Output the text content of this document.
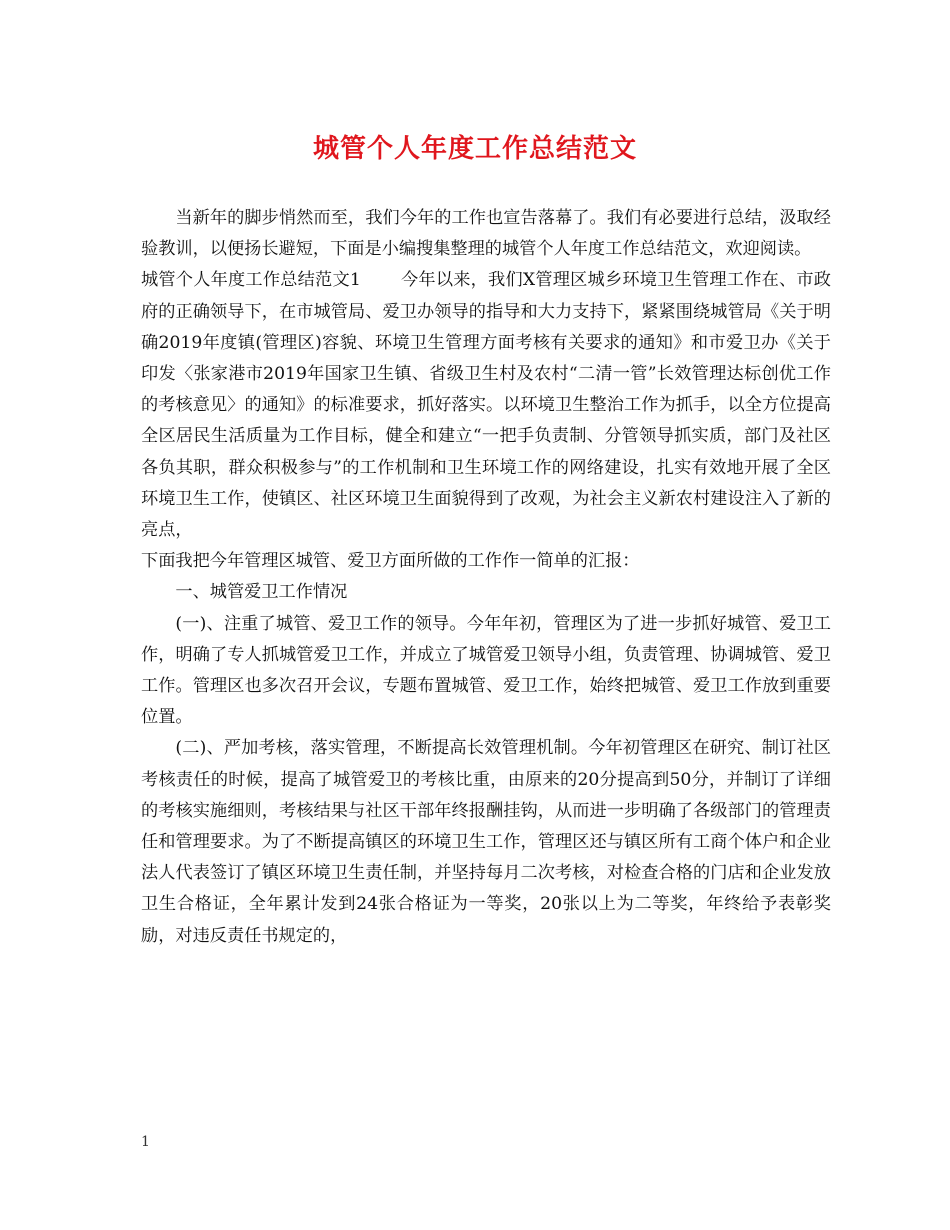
城管个人年度工作总结范文

当新年的脚步悄然而至，我们今年的工作也宣告落幕了。我们有必要进行总结，汲取经验教训，以便扬长避短，下面是小编搜集整理的城管个人年度工作总结范文，欢迎阅读。

城管个人年度工作总结范文1 今年以来，我们X管理区城乡环境卫生管理工作在、市政府的正确领导下，在市城管局、爱卫办领导的指导和大力支持下，紧紧围绕城管局《关于明确2019年度镇(管理区)容貌、环境卫生管理方面考核有关要求的通知》和市爱卫办《关于印发〈张家港市2019年国家卫生镇、省级卫生村及农村“二清一管”长效管理达标创优工作的考核意见〉的通知》的标准要求，抓好落实。以环境卫生整治工作为抓手，以全方位提高全区居民生活质量为工作目标，健全和建立“一把手负责制、分管领导抓实质，部门及社区各负其职，群众积极参与”的工作机制和卫生环境工作的网络建设，扎实有效地开展了全区环境卫生工作，使镇区、社区环境卫生面貌得到了改观，为社会主义新农村建设注入了新的亮点，

下面我把今年管理区城管、爱卫方面所做的工作作一简单的汇报：

一、城管爱卫工作情况

(一)、注重了城管、爱卫工作的领导。今年年初，管理区为了进一步抓好城管、爱卫工作，明确了专人抓城管爱卫工作，并成立了城管爱卫领导小组，负责管理、协调城管、爱卫工作。管理区也多次召开会议，专题布置城管、爱卫工作，始终把城管、爱卫工作放到重要位置。

(二)、严加考核，落实管理，不断提高长效管理机制。今年初管理区在研究、制订社区考核责任的时候，提高了城管爱卫的考核比重，由原来的20分提高到50分，并制订了详细的考核实施细则，考核结果与社区干部年终报酬挂钩，从而进一步明确了各级部门的管理责任和管理要求。为了不断提高镇区的环境卫生工作，管理区还与镇区所有工商个体户和企业法人代表签订了镇区环境卫生责任制，并坚持每月二次考核，对检查合格的门店和企业发放卫生合格证，全年累计发到24张合格证为一等奖，20张以上为二等奖，年终给予表彰奖励，对违反责任书规定的，

1
